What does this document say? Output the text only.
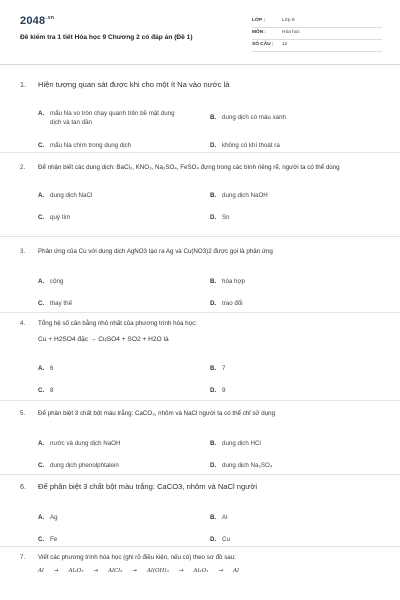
$2048^{.vn}$
Đề kiểm tra 1 tiết Hóa học 9 Chương 2 có đáp án (Đề 1)
LỚP :	Lớp 9
MÔN :	Hóa học
SỐ CÂU :	12
1.	Hiện tượng quan sát được khi cho một ít Na vào nước là
A. mẩu Na vo tròn chạy quanh trên bề mặt dung dịch và tan dần
B. dung dịch có màu xanh
C. mẩu Na chìm trong dung dịch	D. không có khí thoát ra
2.	Để nhận biết các dung dịch: BaCl₂, KNO₃, Na₂SO₄, FeSO₄ đựng trong các bình riêng rẽ, người ta có thể dùng
A. dung dịch NaCl	B. dung dịch NaOH
C. quỳ tím	D. Sn
3.	Phản ứng của Cu với dung dịch AgNO3 tạo ra Ag và Cu(NO3)2 được gọi là phản ứng
A. cộng	B. hóa hợp
C. thay thế	D. trao đổi
4.	Tổng hệ số cân bằng nhỏ nhất của phương trình hóa học:
Cu + H2SO4 đặc → CuSO4 + SO2 + H2O là
A. 6	B. 7
C. 8	D. 9
5.	Để phân biệt 3 chất bột màu trắng: CaCO₃, nhôm và NaCl người ta có thể chỉ sử dụng
A. nước và dung dịch NaOH	B. dung dịch HCl
C. dung dịch phenolphtalein	D. dung dịch Na₂SO₄
6.	Để phân biệt 3 chất bột màu trắng: CaCO3, nhôm và NaCl người
A. Ag	B. Al
C. Fe	D. Cu
7.	Viết các phương trình hóa học (ghi rõ điều kiện, nếu có) theo sơ đồ sau:
Al → Al₂O₃ → AlCl₃ → Al(OH)₃ → Al₂O₃ → Al
